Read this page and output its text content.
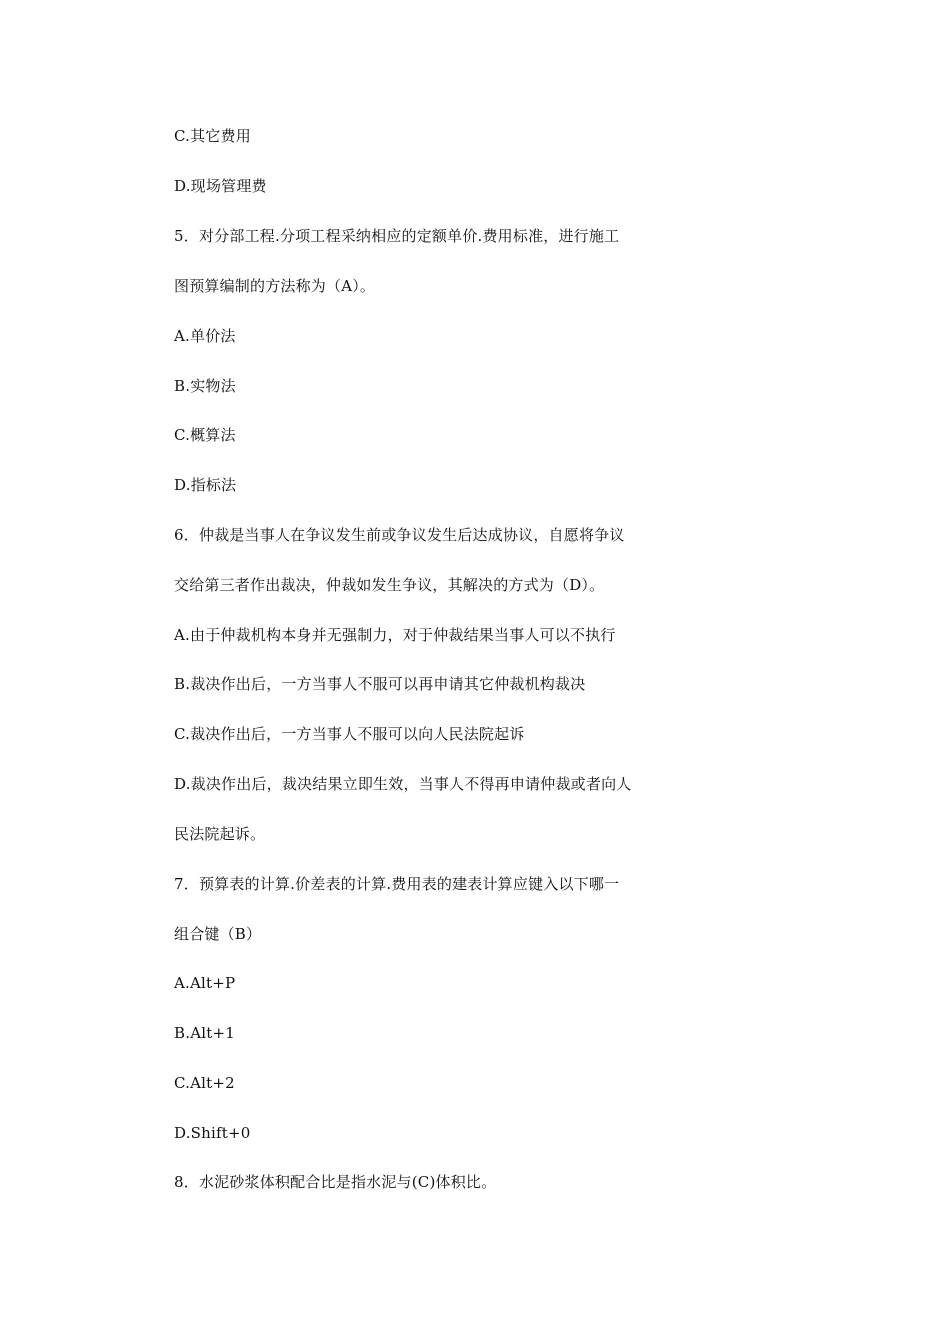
C.其它费用
D.现场管理费
5．对分部工程.分项工程采纳相应的定额单价.费用标准，进行施工
图预算编制的方法称为（A）。
A.单价法
B.实物法
C.概算法
D.指标法
6．仲裁是当事人在争议发生前或争议发生后达成协议，自愿将争议
交给第三者作出裁决，仲裁如发生争议，其解决的方式为（D）。
A.由于仲裁机构本身并无强制力，对于仲裁结果当事人可以不执行
B.裁决作出后，一方当事人不服可以再申请其它仲裁机构裁决
C.裁决作出后，一方当事人不服可以向人民法院起诉
D.裁决作出后，裁决结果立即生效，当事人不得再申请仲裁或者向人
民法院起诉。
7．预算表的计算.价差表的计算.费用表的建表计算应键入以下哪一
组合键（B）
A.Alt+P
B.Alt+1
C.Alt+2
D.Shift+0
8．水泥砂浆体积配合比是指水泥与(C)体积比。
